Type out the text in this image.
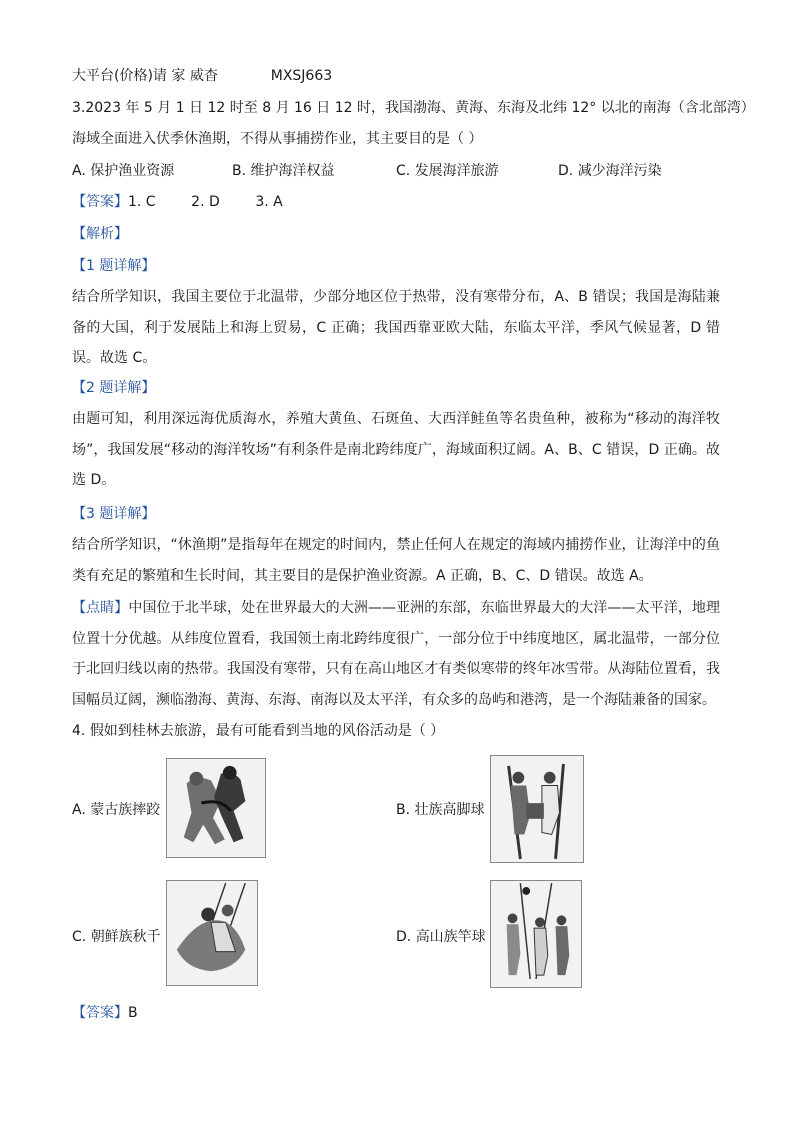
大平台(价格)请 家 威杳	MXSJ663
3.2023 年 5 月 1 日 12 时至 8 月 16 日 12 时，我国渤海、黄海、东海及北纬 12° 以北的南海（含北部湾）
海域全面进入伏季休渔期，不得从事捕捞作业，其主要目的是（ ）
A. 保护渔业资源	B. 维护海洋权益	C. 发展海洋旅游	D. 减少海洋污染
【答案】1. C        2. D        3. A
【解析】
【1 题详解】
结合所学知识，我国主要位于北温带，少部分地区位于热带，没有寒带分布，A、B 错误；我国是海陆兼备的大国，利于发展陆上和海上贸易，C 正确；我国西靠亚欧大陆，东临太平洋，季风气候显著，D 错误。故选 C。
【2 题详解】
由题可知，利用深远海优质海水，养殖大黄鱼、石斑鱼、大西洋鲑鱼等名贵鱼种，被称为“移动的海洋牧场”，我国发展“移动的海洋牧场”有利条件是南北跨纬度广，海域面积辽阔。A、B、C 错误，D 正确。故选 D。
【3 题详解】
结合所学知识，“休渔期”是指每年在规定的时间内，禁止任何人在规定的海域内捕捞作业，让海洋中的鱼类有充足的繁殖和生长时间，其主要目的是保护渔业资源。A 正确，B、C、D 错误。故选 A。
【点睛】中国位于北半球，处在世界最大的大洲——亚洲的东部，东临世界最大的大洋——太平洋，地理位置十分优越。从纬度位置看，我国领土南北跨纬度很广，一部分位于中纬度地区，属北温带，一部分位于北回归线以南的热带。我国没有寒带，只有在高山地区才有类似寒带的终年冰雪带。从海陆位置看，我国幅员辽阔，濒临渤海、黄海、东海、南海以及太平洋，有众多的岛屿和港湾，是一个海陆兼备的国家。
4. 假如到桂林去旅游，最有可能看到当地的风俗活动是（ ）
A. 蒙古族摔跤	B. 壮族高脚球
C. 朝鲜族秋千	D. 高山族竿球
【答案】B
